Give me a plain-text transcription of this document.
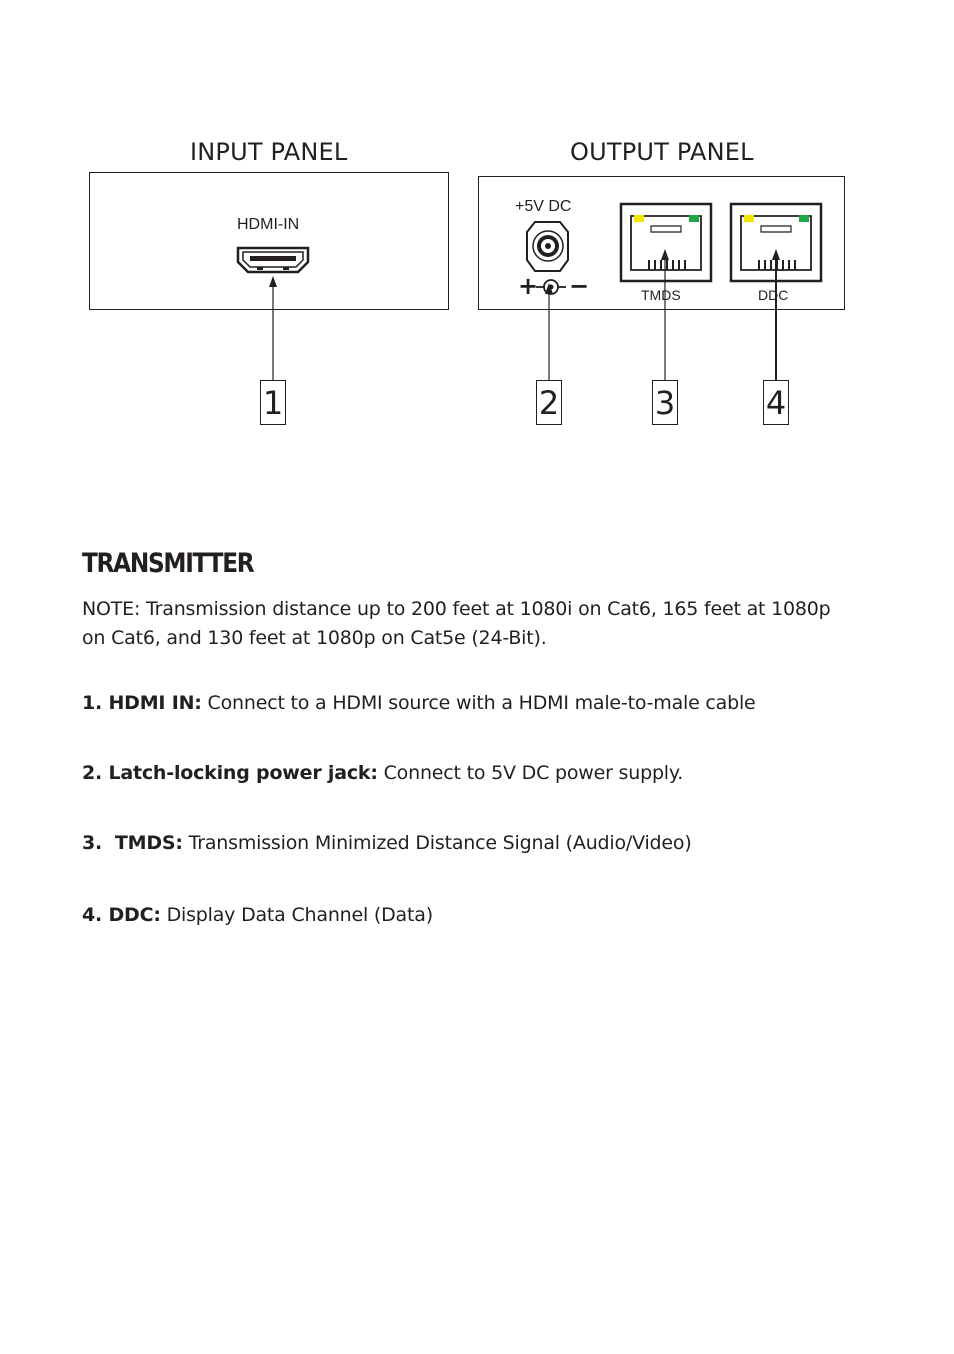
INPUT PANEL	OUTPUT PANEL
HDMI-IN
+5V DC
TMDS	DDC
+ −
1	2	3	4
TRANSMITTER

NOTE: Transmission distance up to 200 feet at 1080i on Cat6, 165 feet at 1080p

on Cat6, and 130 feet at 1080p on Cat5e (24-Bit).

1. HDMI IN: Connect to a HDMI source with a HDMI male-to-male cable

2. Latch-locking power jack: Connect to 5V DC power supply.

3.  TMDS: Transmission Minimized Distance Signal (Audio/Video)

4. DDC: Display Data Channel (Data)
